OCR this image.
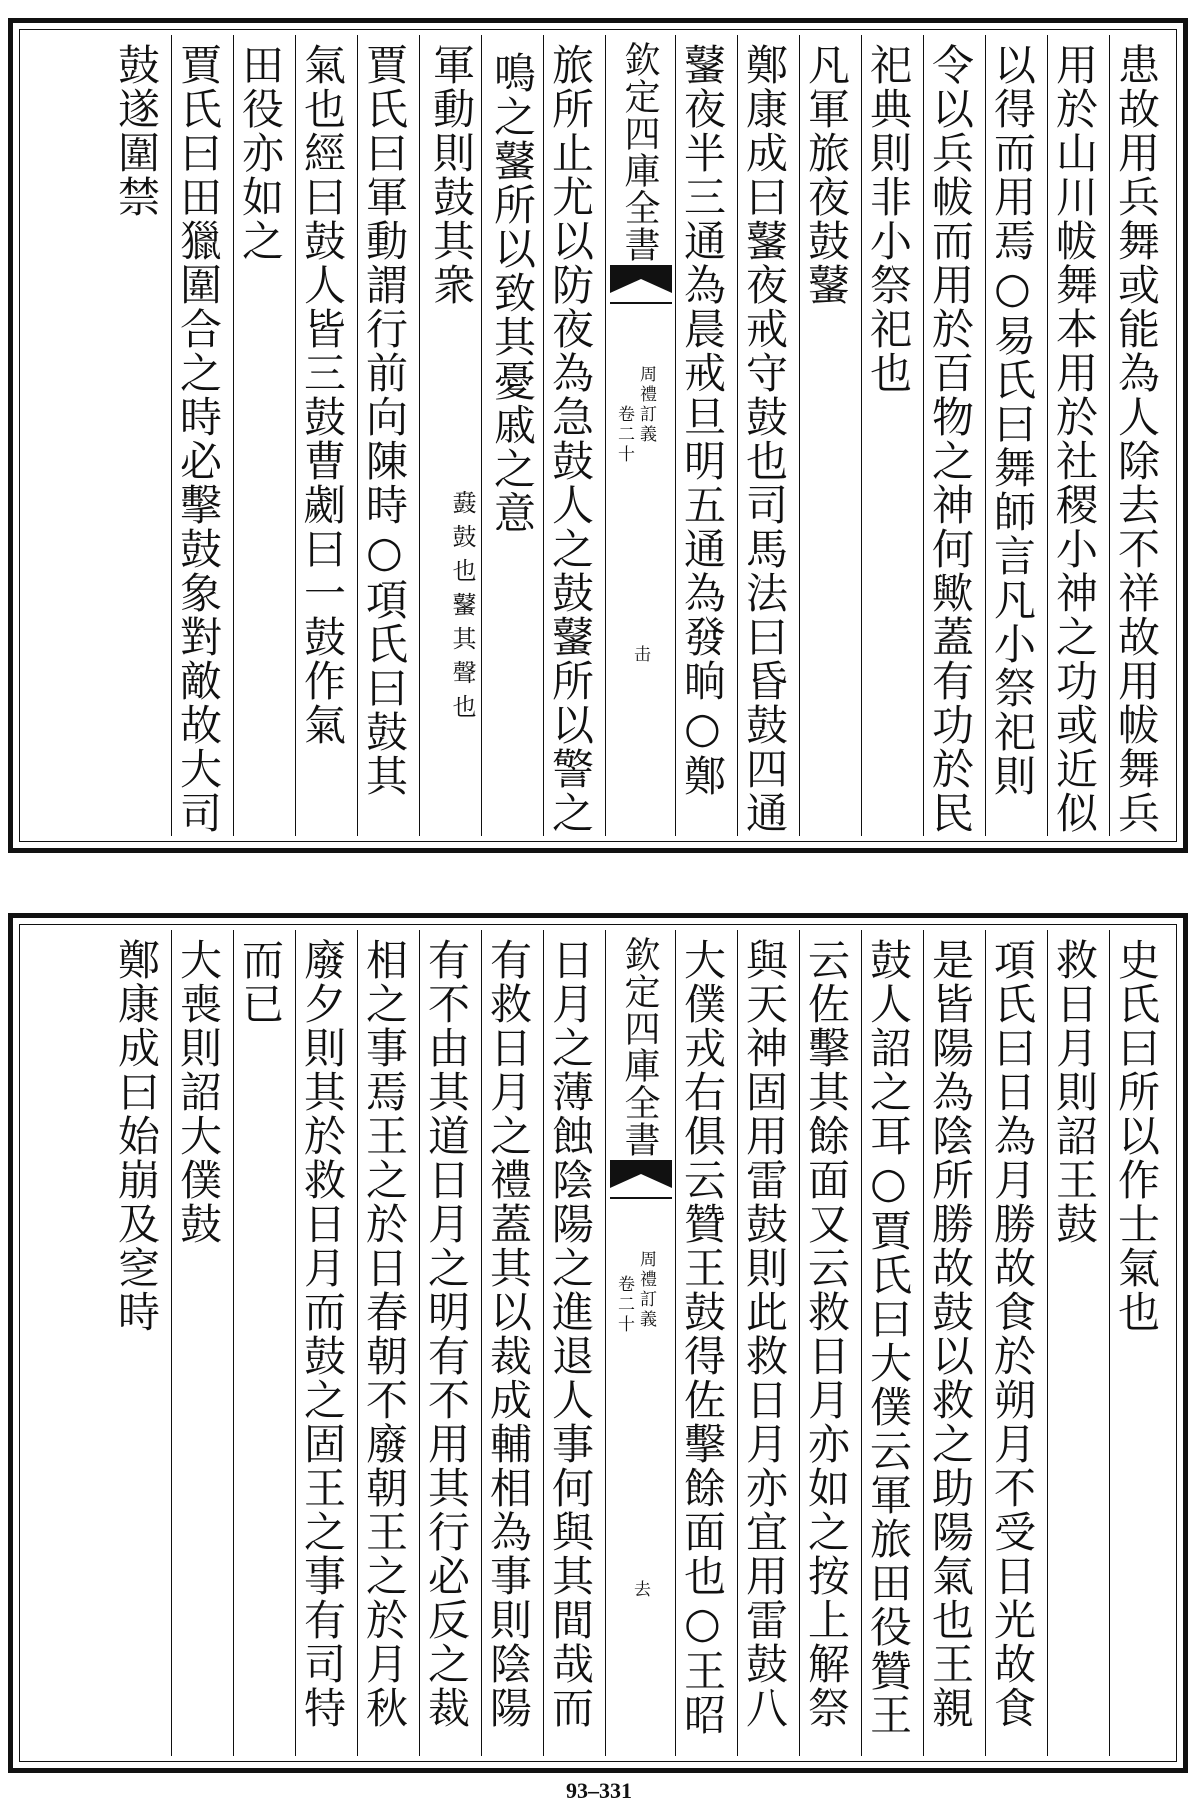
患故用兵舞或能為人除去不祥故用帗舞兵
用於山川帗舞本用於社稷小神之功或近似
以得而用焉○易氏曰舞師言凡小祭祀則
令以兵帗而用於百物之神何歟蓋有功於民
祀典則非小祭祀也
凡軍旅夜鼓鼜
鄭康成曰鼜夜戒守鼓也司馬法曰昏鼓四通
鼜夜半三通為晨戒旦明五通為發晌○鄭
欽定四庫全書
周禮訂義
卷二十
击
旅所止尤以防夜為急鼓人之鼓鼜所以警之
鳴之鼜所以致其憂戚之意
軍動則鼓其衆
鼖鼓也鼜其聲也
賈氏曰軍動謂行前向陳時○項氏曰鼓其
氣也經曰鼓人皆三鼓曹劌曰一鼓作氣
田役亦如之
賈氏曰田獵圍合之時必擊鼓象對敵故大司
鼓遂圍禁
史氏曰所以作士氣也
救日月則詔王鼓
項氏曰日為月勝故食於朔月不受日光故食
是皆陽為陰所勝故鼓以救之助陽氣也王親
鼓人詔之耳○賈氏曰大僕云軍旅田役贊王
云佐擊其餘面又云救日月亦如之按上解祭
與天神固用雷鼓則此救日月亦宜用雷鼓八
大僕戎右俱云贊王鼓得佐擊餘面也○王昭
欽定四庫全書
周禮訂義
卷二十
去
日月之薄蝕陰陽之進退人事何與其間哉而
有救日月之禮蓋其以裁成輔相為事則陰陽
有不由其道日月之明有不用其行必反之裁
相之事焉王之於日春朝不廢朝王之於月秋
廢夕則其於救日月而鼓之固王之事有司特
而已
大喪則詔大僕鼓
鄭康成曰始崩及窆時
93–331
